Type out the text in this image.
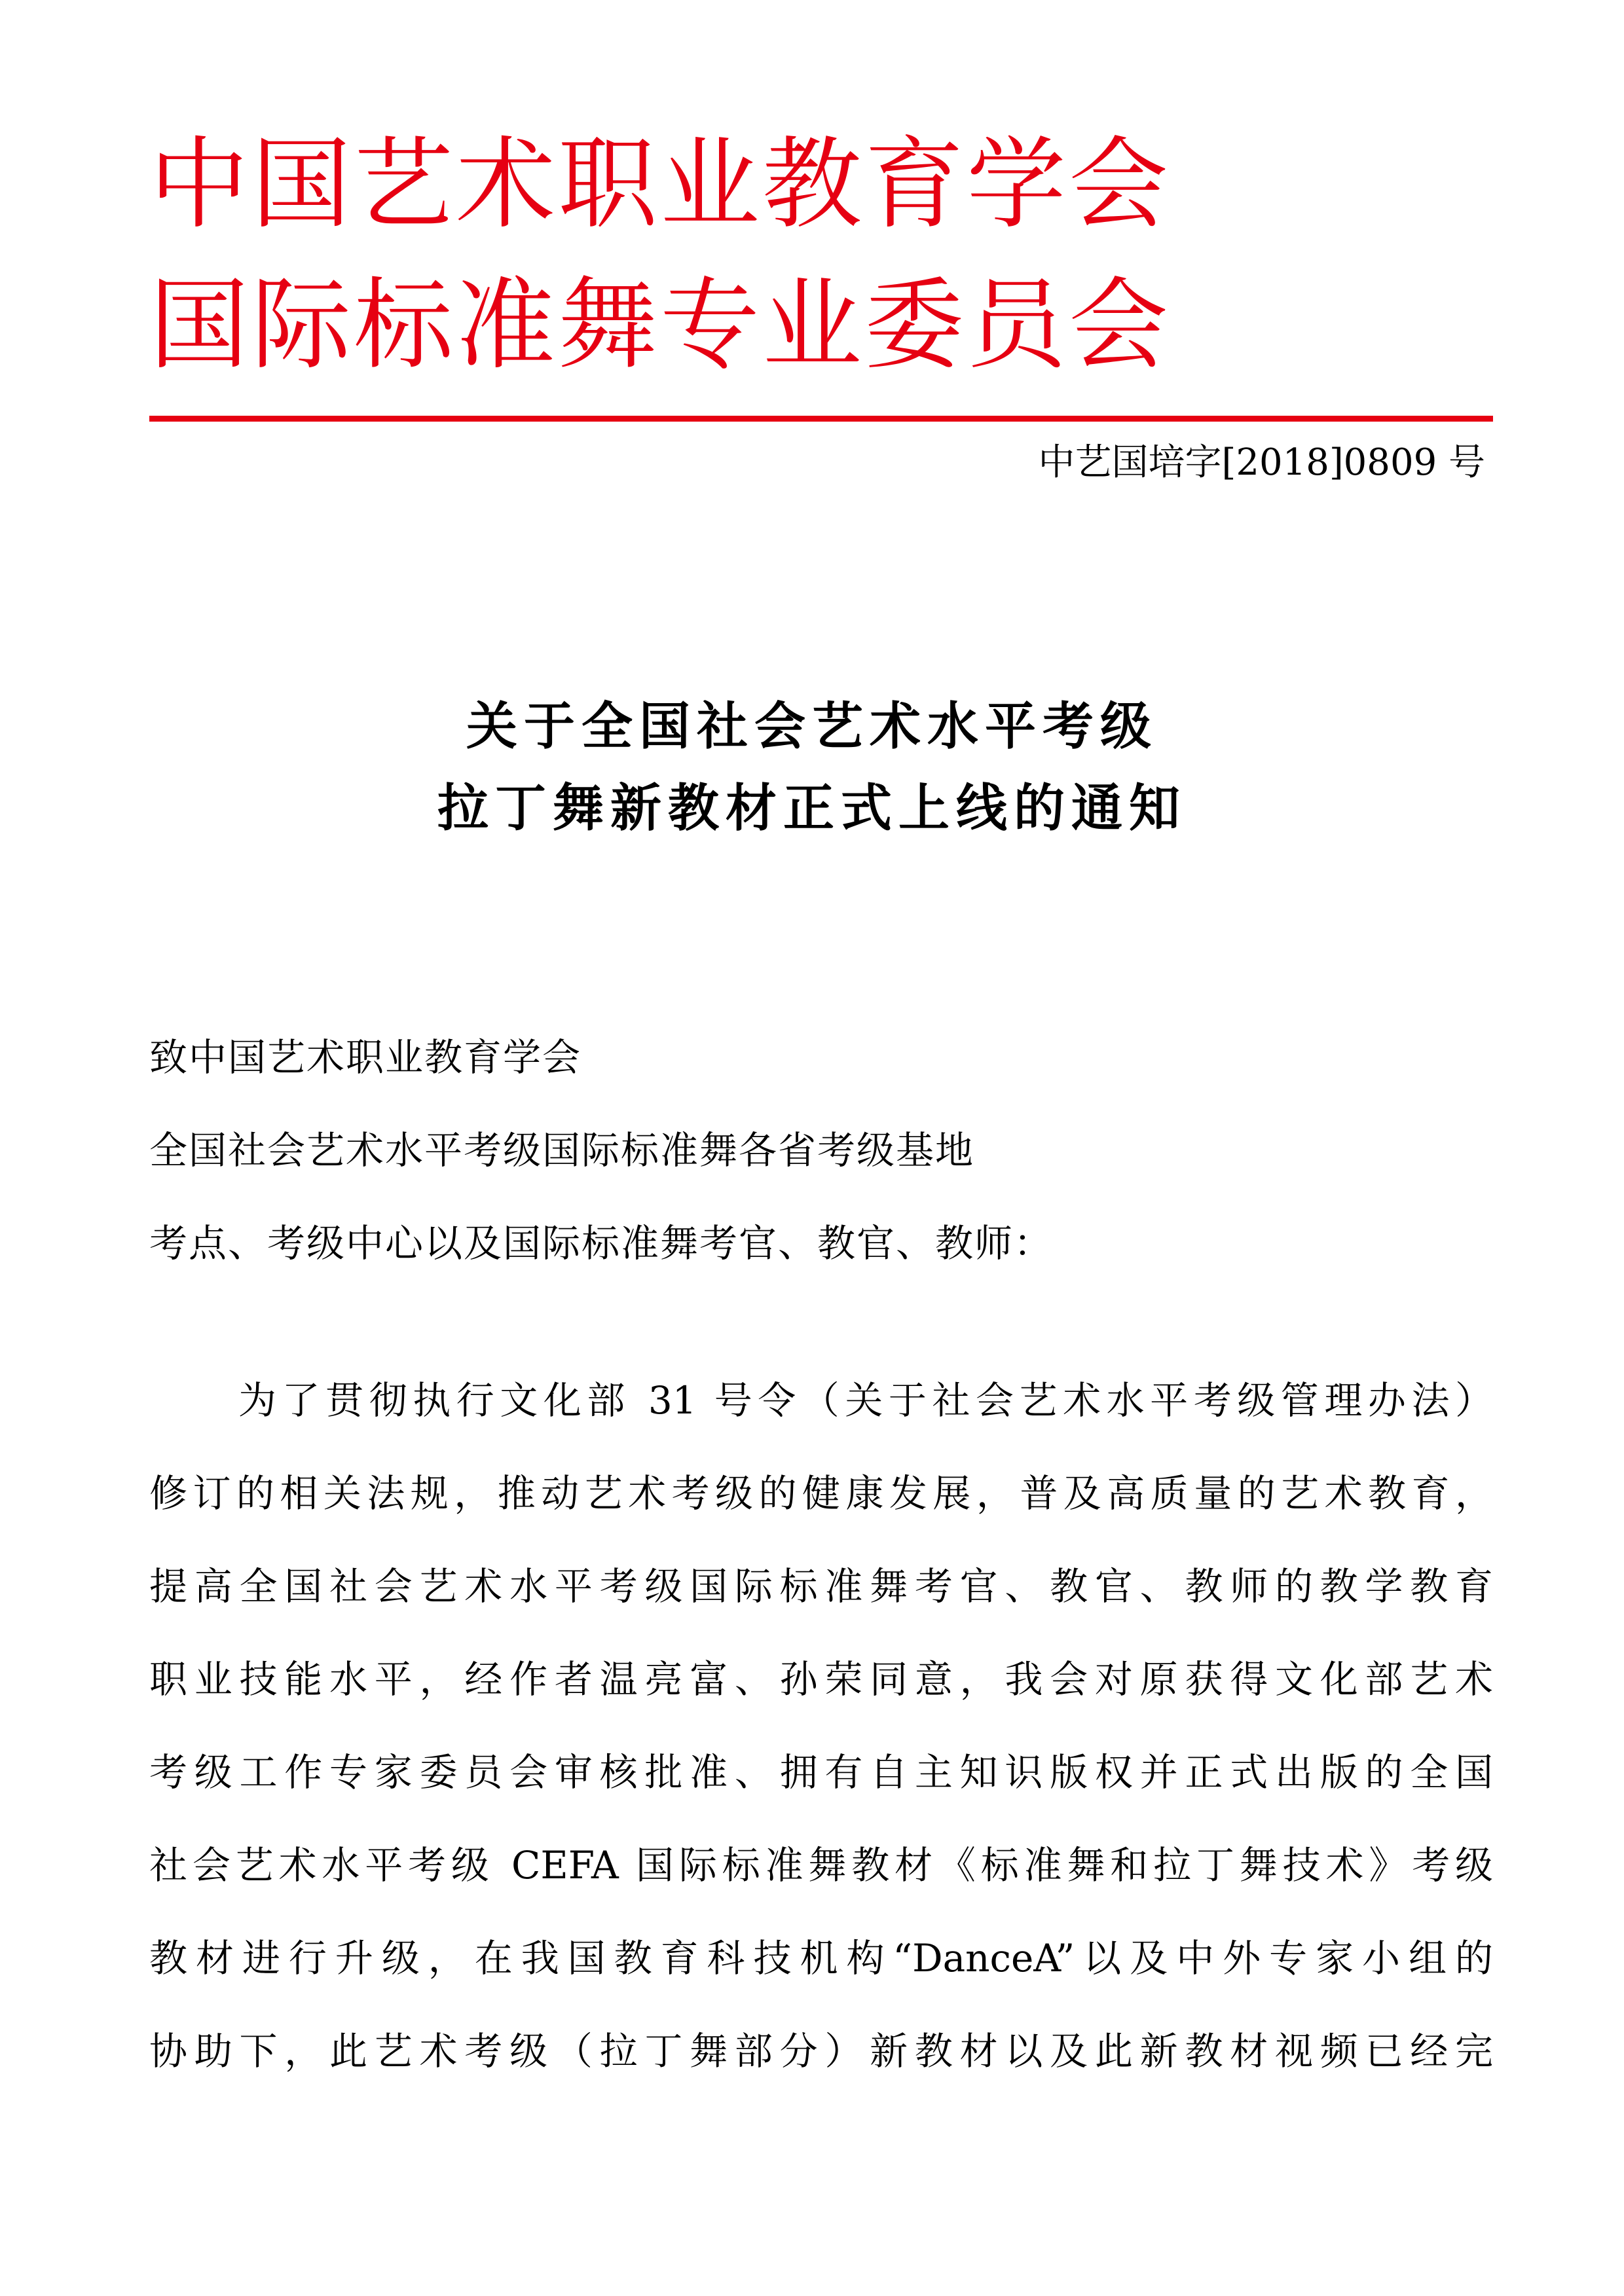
中国艺术职业教育学会
国际标准舞专业委员会
中艺国培字[2018]0809 号
关于全国社会艺术水平考级
拉丁舞新教材正式上线的通知
致中国艺术职业教育学会
全国社会艺术水平考级国际标准舞各省考级基地
考点、考级中心以及国际标准舞考官、教官、教师：
为了贯彻执行文化部 31 号令（关于社会艺术水平考级管理办法）
修订的相关法规，推动艺术考级的健康发展，普及高质量的艺术教育，
提高全国社会艺术水平考级国际标准舞考官、教官、教师的教学教育
职业技能水平，经作者温亮富、孙荣同意，我会对原获得文化部艺术
考级工作专家委员会审核批准、拥有自主知识版权并正式出版的全国
社会艺术水平考级 CEFA 国际标准舞教材《标准舞和拉丁舞技术》考级
教材进行升级，在我国教育科技机构“DanceA”以及中外专家小组的
协助下，此艺术考级（拉丁舞部分）新教材以及此新教材视频已经完
